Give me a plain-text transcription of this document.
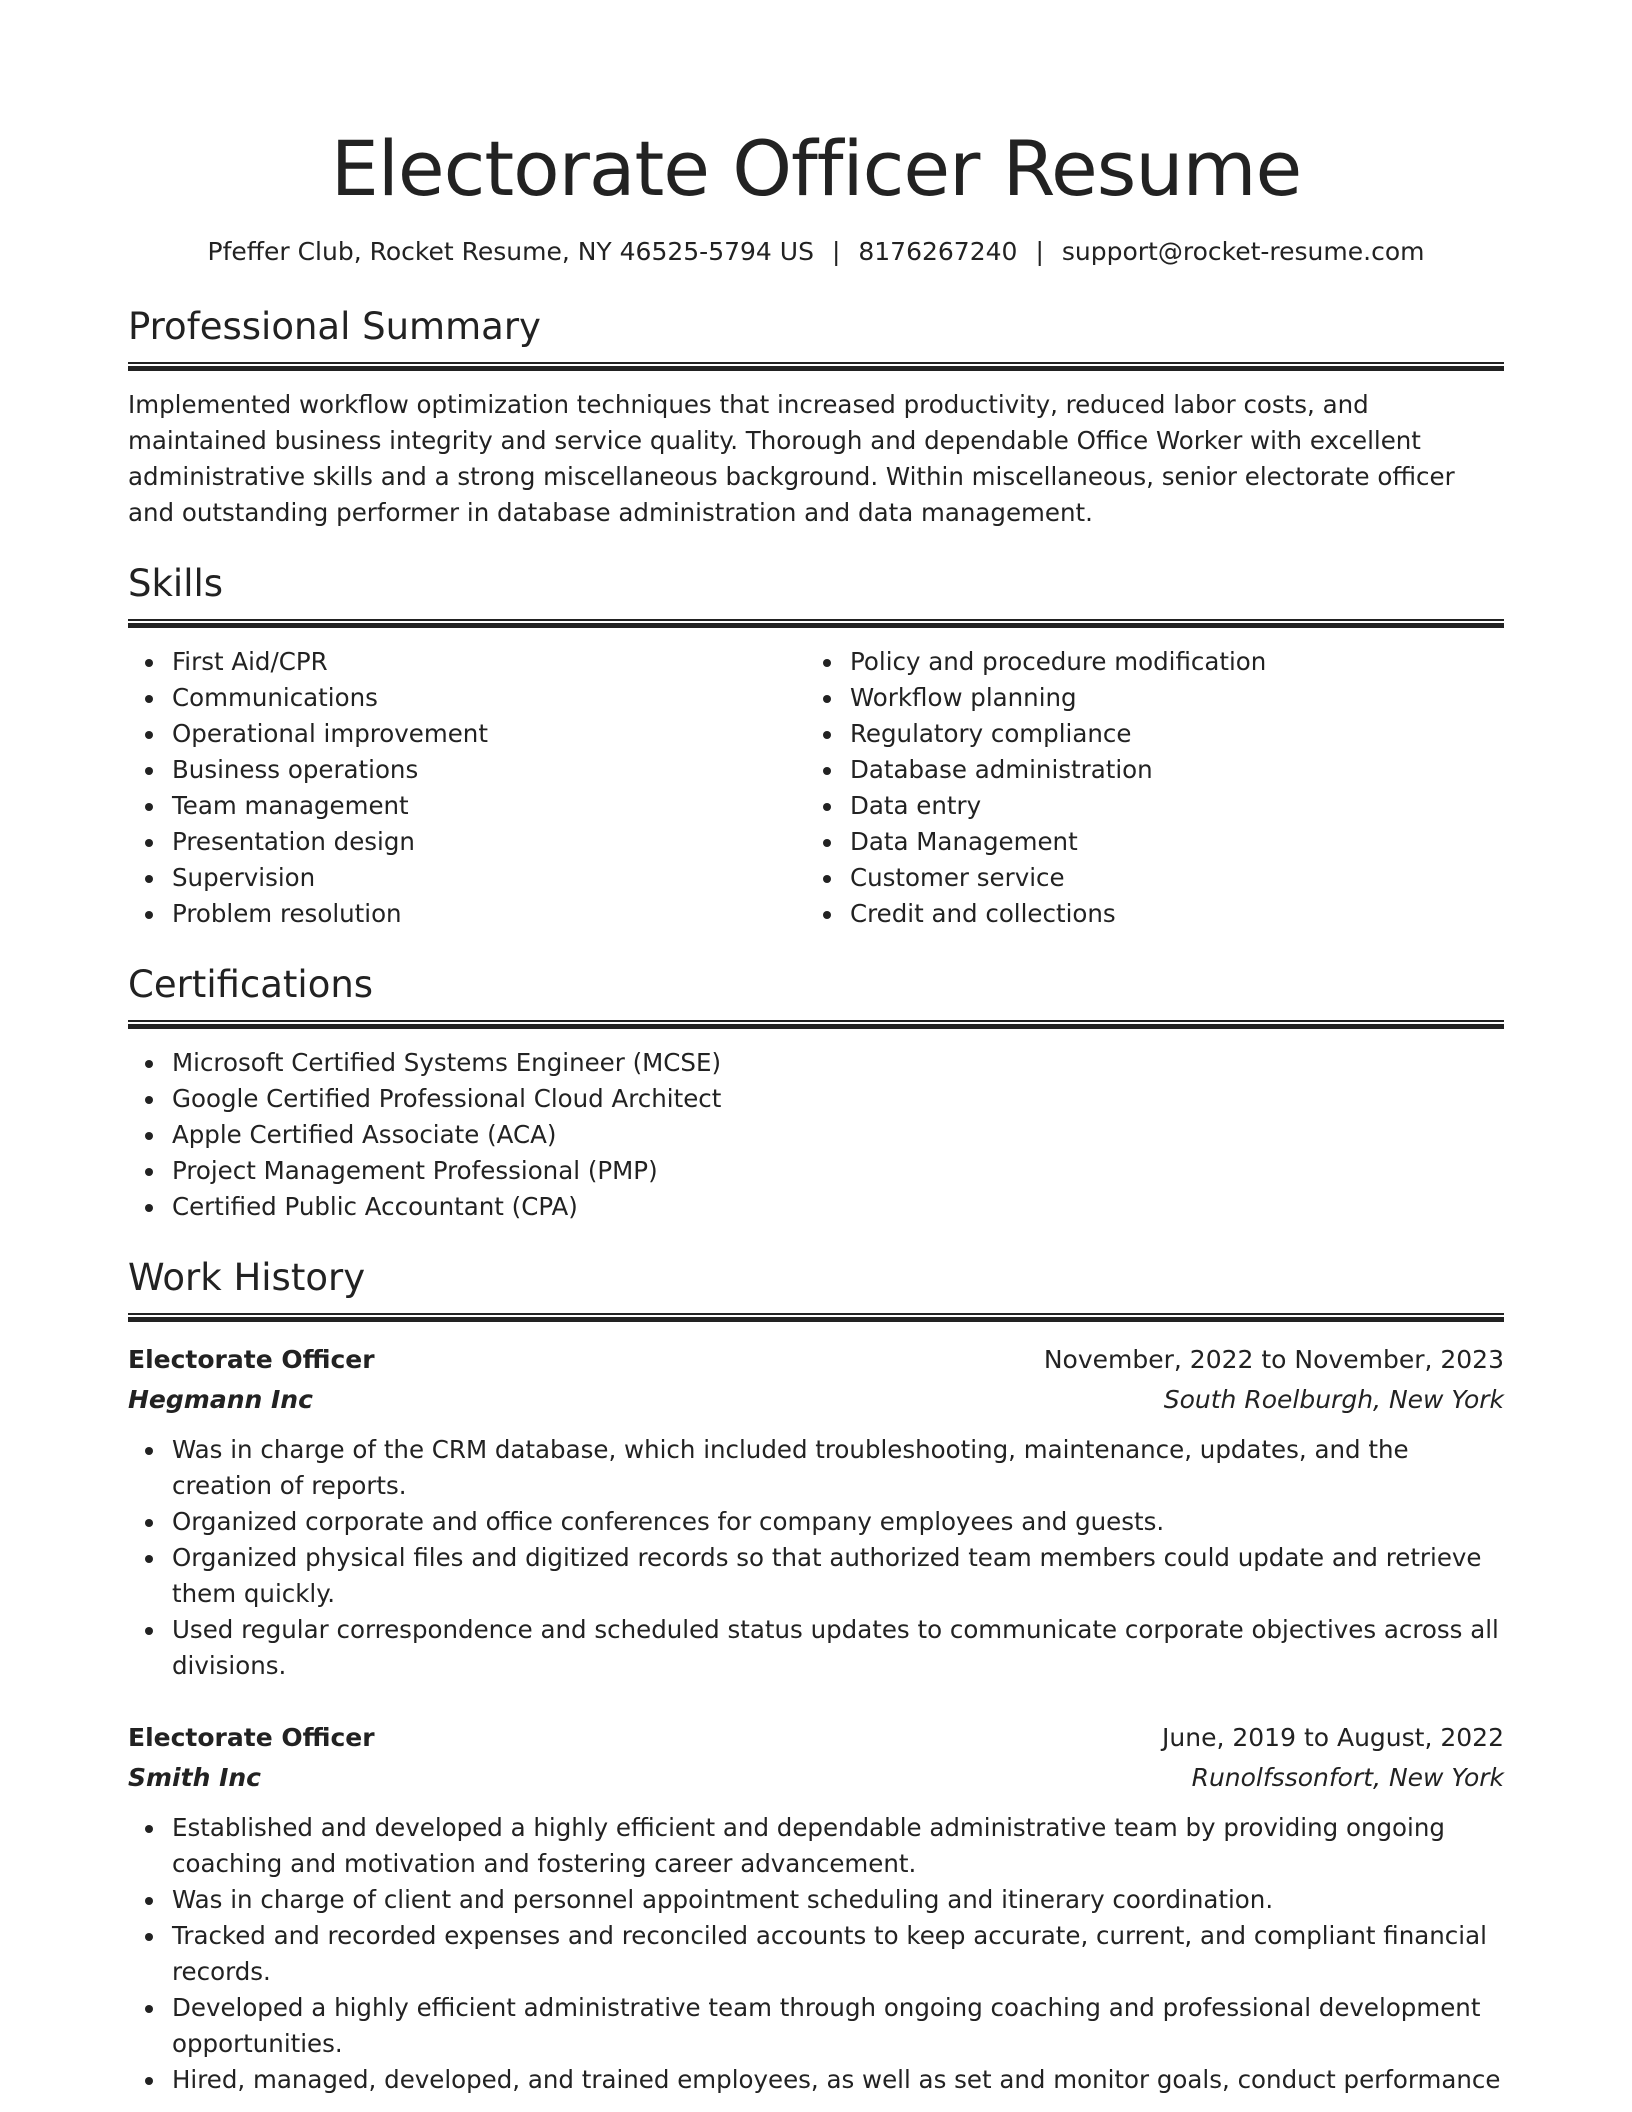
Electorate Officer Resume
Pfeffer Club, Rocket Resume, NY 46525-5794 US | 8176267240 | support@rocket-resume.com
Professional Summary

Implemented workflow optimization techniques that increased productivity, reduced labor costs, and maintained business integrity and service quality. Thorough and dependable Office Worker with excellent administrative skills and a strong miscellaneous background. Within miscellaneous, senior electorate officer and outstanding performer in database administration and data management.

Skills
First Aid/CPR
Communications
Operational improvement
Business operations
Team management
Presentation design
Supervision
Problem resolution
Policy and procedure modification
Workflow planning
Regulatory compliance
Database administration
Data entry
Data Management
Customer service
Credit and collections
Certifications
Microsoft Certified Systems Engineer (MCSE)
Google Certified Professional Cloud Architect
Apple Certified Associate (ACA)
Project Management Professional (PMP)
Certified Public Accountant (CPA)
Work History
Electorate Officer	November, 2022 to November, 2023
Hegmann Inc	South Roelburgh, New York
Was in charge of the CRM database, which included troubleshooting, maintenance, updates, and the creation of reports.
Organized corporate and office conferences for company employees and guests.
Organized physical files and digitized records so that authorized team members could update and retrieve them quickly.
Used regular correspondence and scheduled status updates to communicate corporate objectives across all divisions.
Electorate Officer	June, 2019 to August, 2022
Smith Inc	Runolfssonfort, New York
Established and developed a highly efficient and dependable administrative team by providing ongoing coaching and motivation and fostering career advancement.
Was in charge of client and personnel appointment scheduling and itinerary coordination.
Tracked and recorded expenses and reconciled accounts to keep accurate, current, and compliant financial records.
Developed a highly efficient administrative team through ongoing coaching and professional development opportunities.
Hired, managed, developed, and trained employees, as well as set and monitor goals, conduct performance
